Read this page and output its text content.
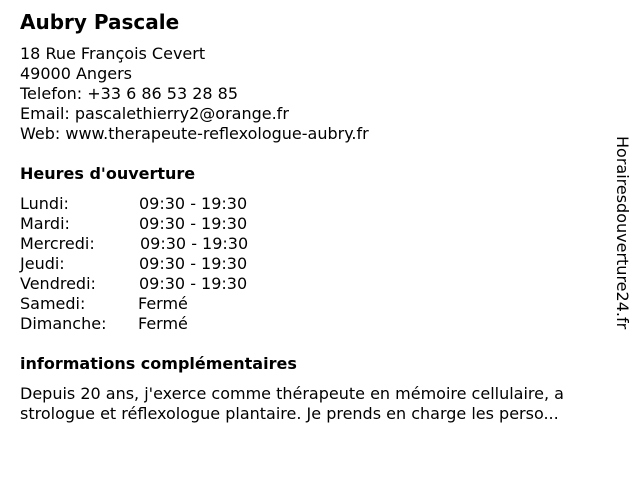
Aubry Pascale
18 Rue François Cevert
49000 Angers
Telefon: +33 6 86 53 28 85
Email: pascalethierry2@orange.fr
Web: www.therapeute-reflexologue-aubry.fr
Heures d'ouverture
Lundi:	09:30 - 19:30
Mardi:	09:30 - 19:30
Mercredi:	09:30 - 19:30
Jeudi:	09:30 - 19:30
Vendredi:	09:30 - 19:30
Samedi:	Fermé
Dimanche: Fermé
informations complémentaires
Depuis 20 ans, j'exerce comme thérapeute en mémoire cellulaire, a
strologue et réflexologue plantaire. Je prends en charge les perso...
Horairesdouverture24.fr
